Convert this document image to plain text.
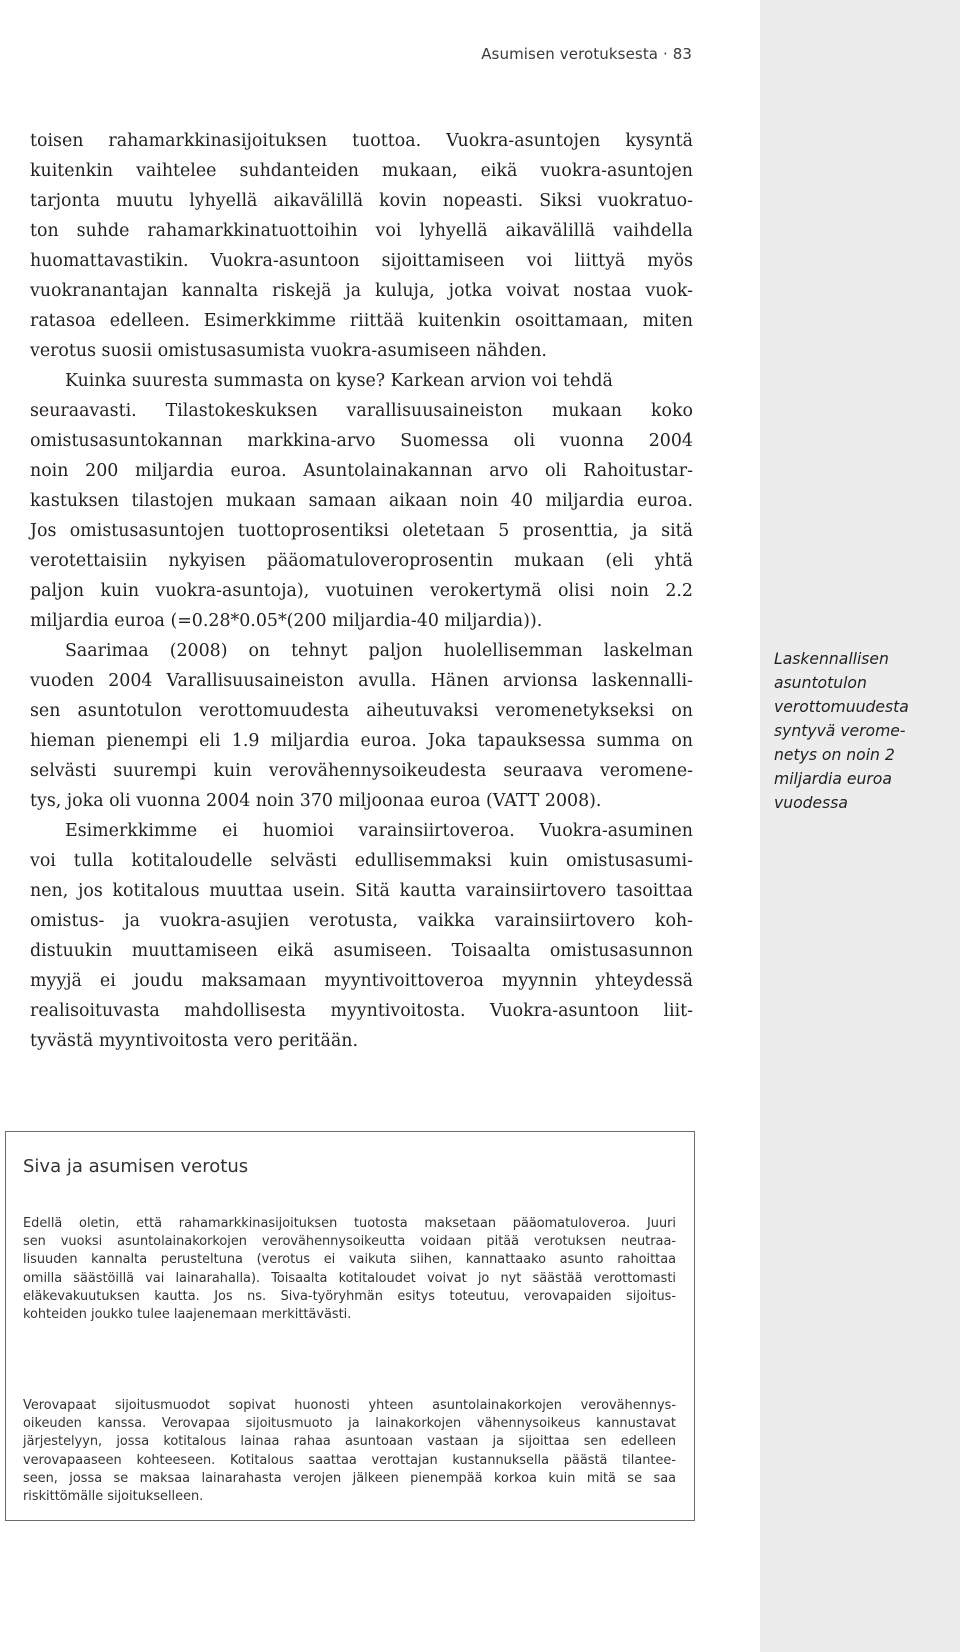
Asumisen verotuksesta · 83
toisen rahamarkkinasijoituksen tuottoa. Vuokra-asuntojen kysyntä
kuitenkin vaihtelee suhdanteiden mukaan, eikä vuokra-asuntojen
tarjonta muutu lyhyellä aikavälillä kovin nopeasti. Siksi vuokratuo-
ton suhde rahamarkkinatuottoihin voi lyhyellä aikavälillä vaihdella
huomattavastikin. Vuokra-asuntoon sijoittamiseen voi liittyä myös
vuokranantajan kannalta riskejä ja kuluja, jotka voivat nostaa vuok-
ratasoa edelleen. Esimerkkimme riittää kuitenkin osoittamaan, miten
verotus suosii omistusasumista vuokra-asumiseen nähden.
Kuinka suuresta summasta on kyse? Karkean arvion voi tehdä
seuraavasti. Tilastokeskuksen varallisuusaineiston mukaan koko
omistusasuntokannan markkina-arvo Suomessa oli vuonna 2004
noin 200 miljardia euroa. Asuntolainakannan arvo oli Rahoitustar-
kastuksen tilastojen mukaan samaan aikaan noin 40 miljardia euroa.
Jos omistusasuntojen tuottoprosentiksi oletetaan 5 prosenttia, ja sitä
verotettaisiin nykyisen pääomatuloveroprosentin mukaan (eli yhtä
paljon kuin vuokra-asuntoja), vuotuinen verokertymä olisi noin 2.2
miljardia euroa (=0.28*0.05*(200 miljardia-40 miljardia)).
Saarimaa (2008) on tehnyt paljon huolellisemman laskelman
vuoden 2004 Varallisuusaineiston avulla. Hänen arvionsa laskennalli-
sen asuntotulon verottomuudesta aiheutuvaksi veromenetykseksi on
hieman pienempi eli 1.9 miljardia euroa. Joka tapauksessa summa on
selvästi suurempi kuin verovähennysoikeudesta seuraava veromene-
tys, joka oli vuonna 2004 noin 370 miljoonaa euroa (VATT 2008).
Esimerkkimme ei huomioi varainsiirtoveroa. Vuokra-asuminen
voi tulla kotitaloudelle selvästi edullisemmaksi kuin omistusasumi-
nen, jos kotitalous muuttaa usein. Sitä kautta varainsiirtovero tasoittaa
omistus- ja vuokra-asujien verotusta, vaikka varainsiirtovero koh-
distuukin muuttamiseen eikä asumiseen. Toisaalta omistusasunnon
myyjä ei joudu maksamaan myyntivoittoveroa myynnin yhteydessä
realisoituvasta mahdollisesta myyntivoitosta. Vuokra-asuntoon liit-
tyvästä myyntivoitosta vero peritään.
Laskennallisen
asuntotulon
verottomuudesta
syntyvä verome-
netys on noin 2
miljardia euroa
vuodessa
Siva ja asumisen verotus
Edellä oletin, että rahamarkkinasijoituksen tuotosta maksetaan pääomatuloveroa. Juuri
sen vuoksi asuntolainakorkojen verovähennysoikeutta voidaan pitää verotuksen neutraa-
lisuuden kannalta perusteltuna (verotus ei vaikuta siihen, kannattaako asunto rahoittaa
omilla säästöillä vai lainarahalla). Toisaalta kotitaloudet voivat jo nyt säästää verottomasti
eläkevakuutuksen kautta. Jos ns. Siva-työryhmän esitys toteutuu, verovapaiden sijoitus-
kohteiden joukko tulee laajenemaan merkittävästi.
Verovapaat sijoitusmuodot sopivat huonosti yhteen asuntolainakorkojen verovähennys-
oikeuden kanssa. Verovapaa sijoitusmuoto ja lainakorkojen vähennysoikeus kannustavat
järjestelyyn, jossa kotitalous lainaa rahaa asuntoaan vastaan ja sijoittaa sen edelleen
verovapaaseen kohteeseen. Kotitalous saattaa verottajan kustannuksella päästä tilantee-
seen, jossa se maksaa lainarahasta verojen jälkeen pienempää korkoa kuin mitä se saa
riskittömälle sijoitukselleen.
